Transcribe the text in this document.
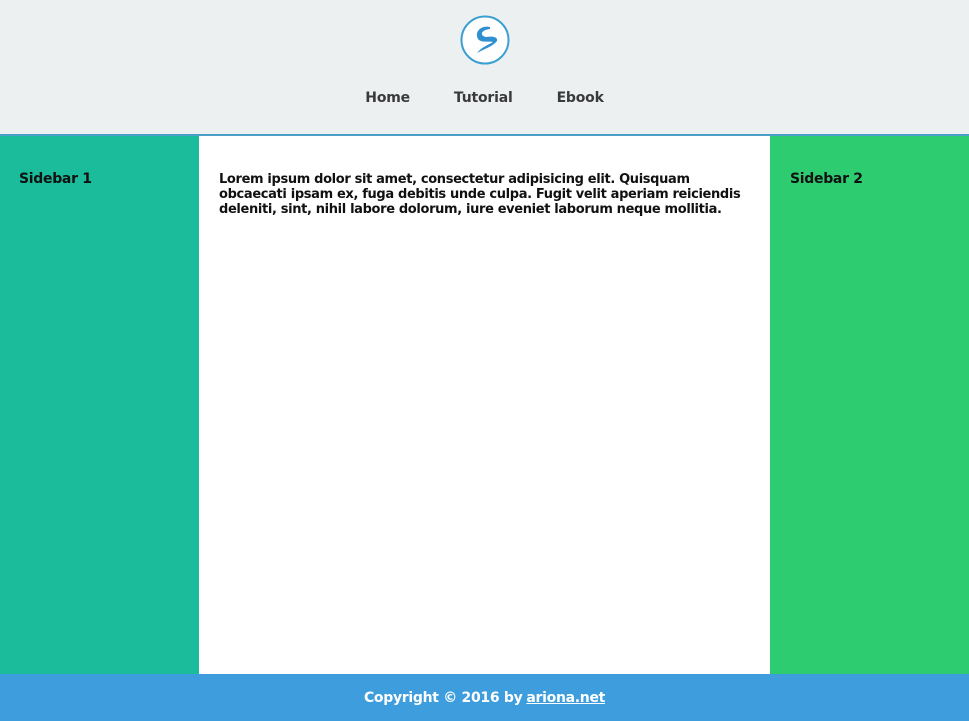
Home	Tutorial	Ebook
Sidebar 1	Lorem ipsum dolor sit amet, consectetur adipisicing elit. Quisquam obcaecati ipsam ex, fuga debitis unde culpa. Fugit velit aperiam reiciendis deleniti, sint, nihil labore dolorum, iure eveniet laborum neque mollitia.

Sidebar 2
Copyright © 2016 by ariona.net
